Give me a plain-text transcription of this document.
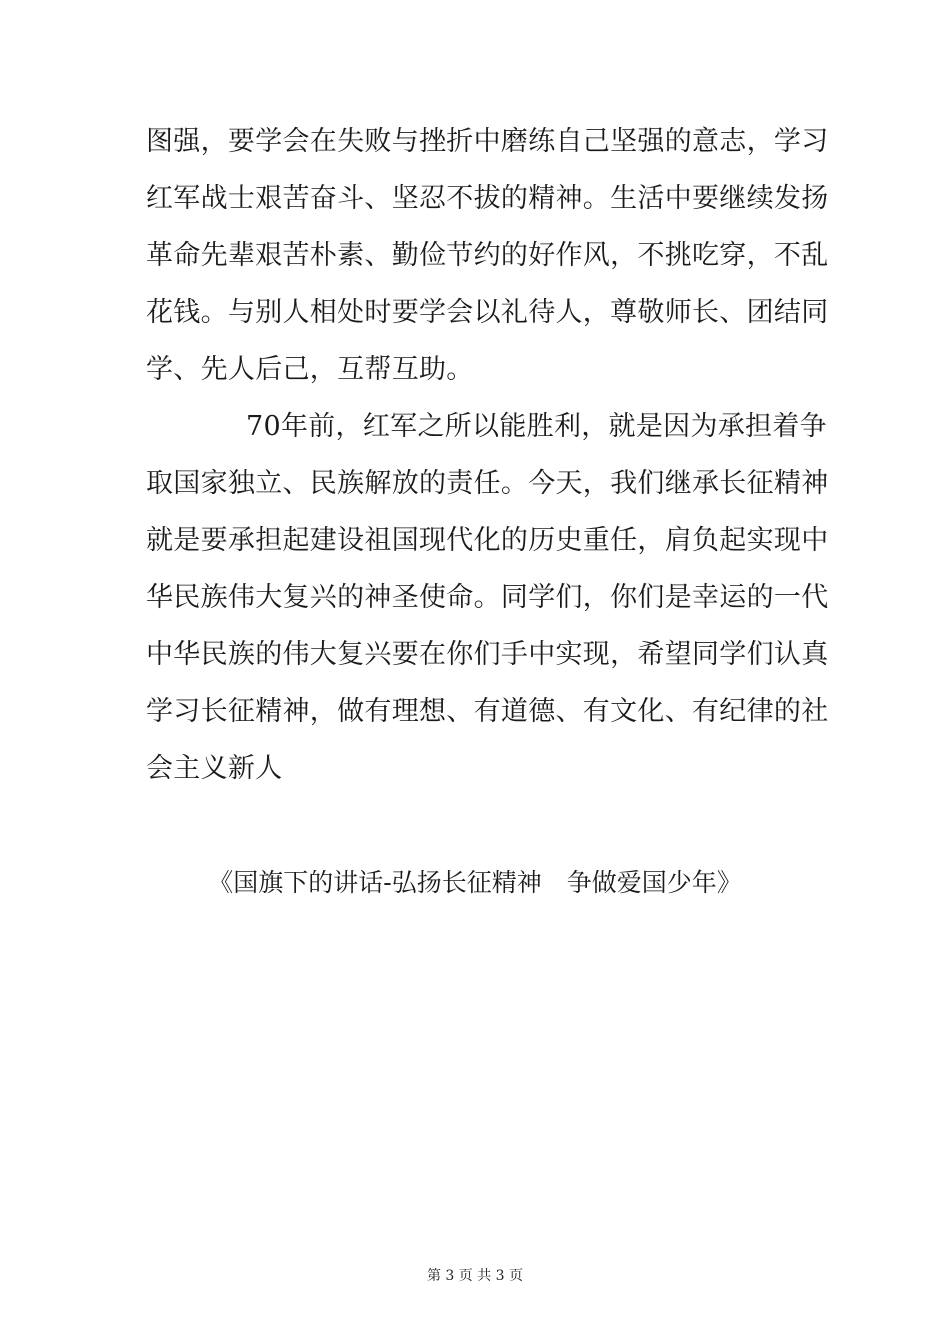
图强，要学会在失败与挫折中磨练自己坚强的意志，学习
红军战士艰苦奋斗、坚忍不拔的精神。生活中要继续发扬
革命先辈艰苦朴素、勤俭节约的好作风，不挑吃穿，不乱
花钱。与别人相处时要学会以礼待人，尊敬师长、团结同
学、先人后己，互帮互助。
70年前，红军之所以能胜利，就是因为承担着争
取国家独立、民族解放的责任。今天，我们继承长征精神
就是要承担起建设祖国现代化的历史重任，肩负起实现中
华民族伟大复兴的神圣使命。同学们，你们是幸运的一代
中华民族的伟大复兴要在你们手中实现，希望同学们认真
学习长征精神，做有理想、有道德、有文化、有纪律的社
会主义新人
《国旗下的讲话-弘扬长征精神　争做爱国少年》
第 3 页 共 3 页
